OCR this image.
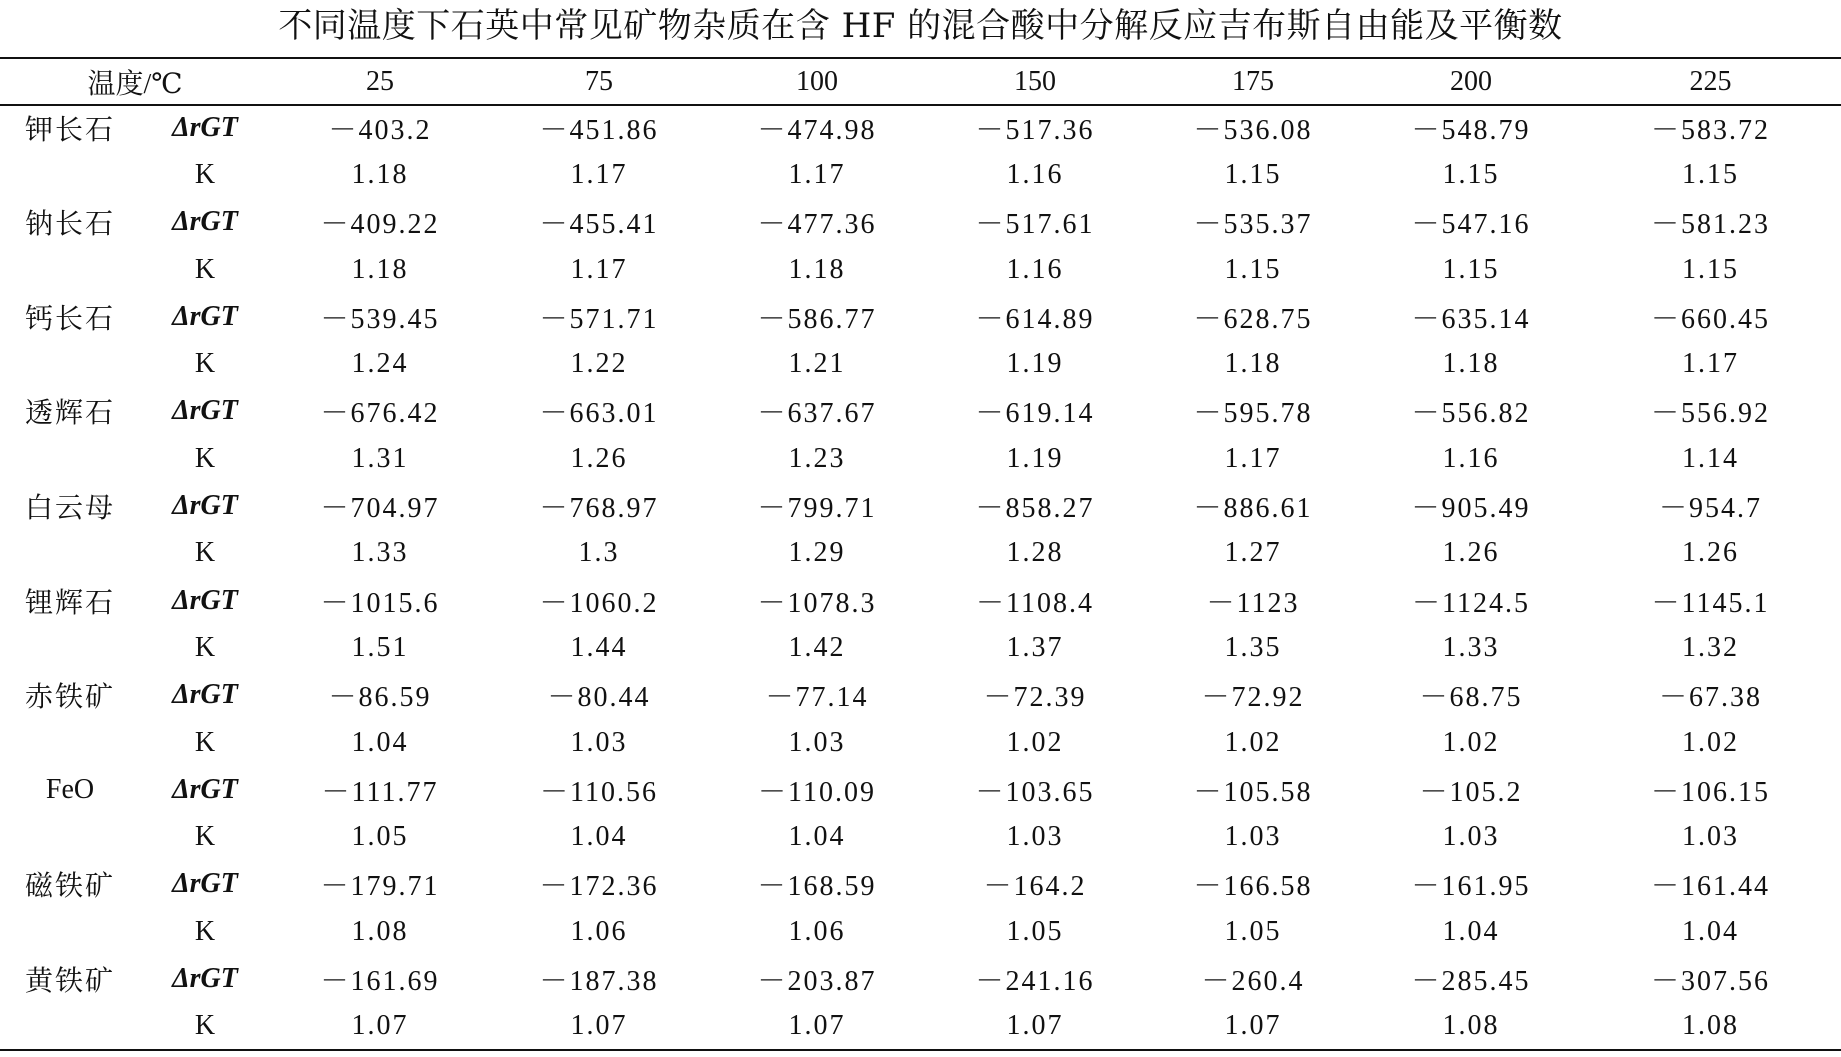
不同温度下石英中常见矿物杂质在含 HF 的混合酸中分解反应吉布斯自由能及平衡数
温度/℃		25	75	100	150	175	200	225
钾长石	ΔrGT	－403.2	－451.86	－474.98	－517.36	－536.08	－548.79	－583.72
	K	1.18	1.17	1.17	1.16	1.15	1.15	1.15
钠长石	ΔrGT	－409.22	－455.41	－477.36	－517.61	－535.37	－547.16	－581.23
	K	1.18	1.17	1.18	1.16	1.15	1.15	1.15
钙长石	ΔrGT	－539.45	－571.71	－586.77	－614.89	－628.75	－635.14	－660.45
	K	1.24	1.22	1.21	1.19	1.18	1.18	1.17
透辉石	ΔrGT	－676.42	－663.01	－637.67	－619.14	－595.78	－556.82	－556.92
	K	1.31	1.26	1.23	1.19	1.17	1.16	1.14
白云母	ΔrGT	－704.97	－768.97	－799.71	－858.27	－886.61	－905.49	－954.7
	K	1.33	1.3	1.29	1.28	1.27	1.26	1.26
锂辉石	ΔrGT	－1015.6	－1060.2	－1078.3	－1108.4	－1123	－1124.5	－1145.1
	K	1.51	1.44	1.42	1.37	1.35	1.33	1.32
赤铁矿	ΔrGT	－86.59	－80.44	－77.14	－72.39	－72.92	－68.75	－67.38
	K	1.04	1.03	1.03	1.02	1.02	1.02	1.02
FeO	ΔrGT	－111.77	－110.56	－110.09	－103.65	－105.58	－105.2	－106.15
	K	1.05	1.04	1.04	1.03	1.03	1.03	1.03
磁铁矿	ΔrGT	－179.71	－172.36	－168.59	－164.2	－166.58	－161.95	－161.44
	K	1.08	1.06	1.06	1.05	1.05	1.04	1.04
黄铁矿	ΔrGT	－161.69	－187.38	－203.87	－241.16	－260.4	－285.45	－307.56
	K	1.07	1.07	1.07	1.07	1.07	1.08	1.08
